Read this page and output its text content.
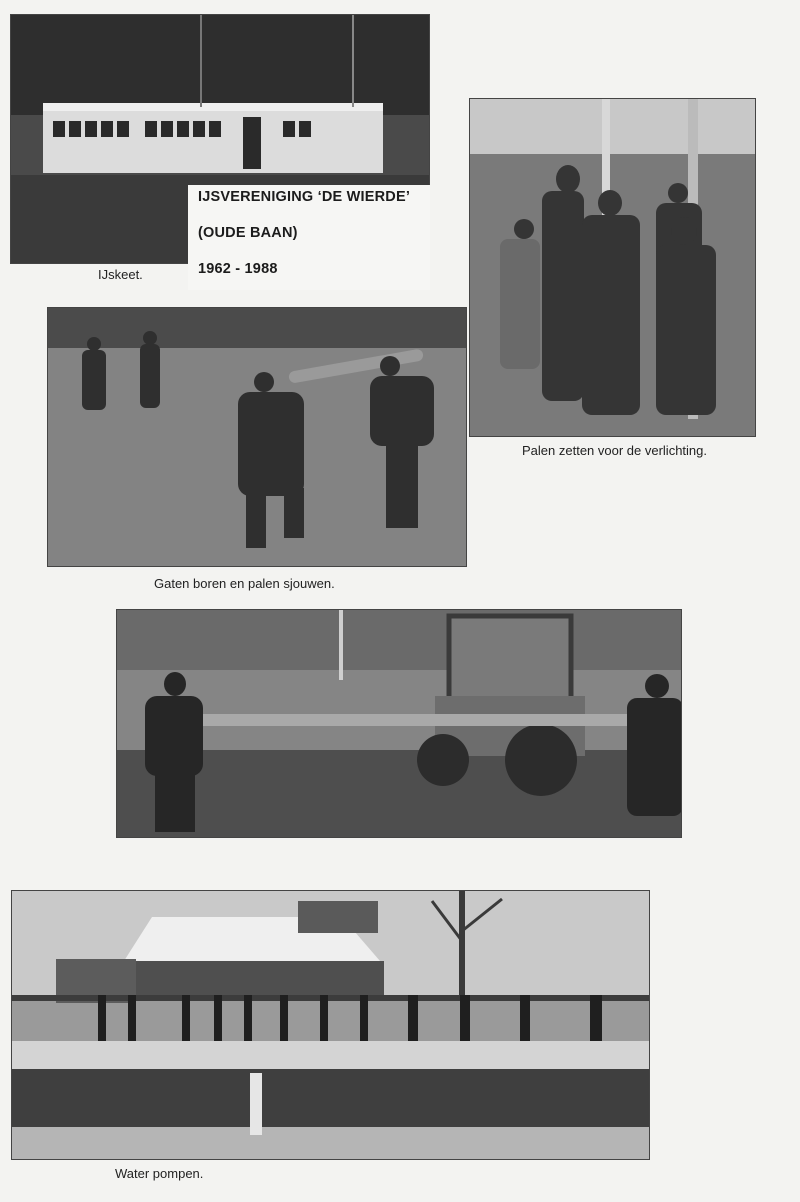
IJSVERENIGING ‘DE WIERDE’
(OUDE BAAN)
1962 - 1988
IJskeet.
Palen zetten voor de verlichting.
Gaten boren en palen sjouwen.
Water pompen.
